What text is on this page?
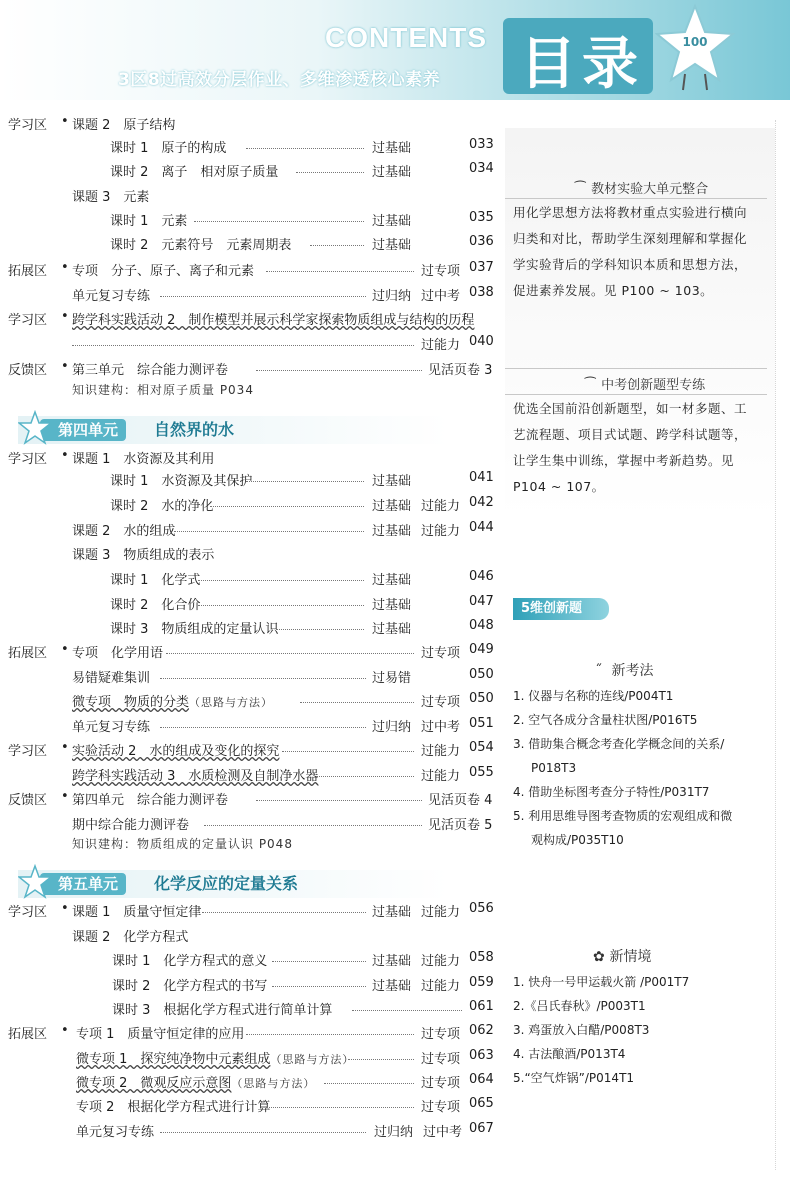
CONTENTS
3区8过高效分层作业、多维渗透核心素养 目录	100
学习区 • 课题 2　原子结构
课时 1　原子的构成	过基础	033
课时 2　离子　相对原子质量	过基础	034
课题 3　元素
课时 1　元素	过基础	035
课时 2　元素符号　元素周期表	过基础	036
拓展区 • 专项　分子、原子、离子和元素	过专项 037
单元复习专练	过归纳 过中考 038
学习区 • 跨学科实践活动 2　制作模型并展示科学家探索物质组成与结构的历程
过能力 040
反馈区 • 第三单元　综合能力测评卷	见活页卷 3
知识建构：相对原子质量 P034
第四单元	自然界的水
学习区 • 课题 1　水资源及其利用
课时 1　水资源及其保护	过基础	041
课时 2　水的净化	过基础 过能力 042
课题 2　水的组成	过基础 过能力 044
课题 3　物质组成的表示
课时 1　化学式	过基础	046
课时 2　化合价	过基础	047
课时 3　物质组成的定量认识	过基础	048
拓展区 • 专项　化学用语	过专项 049
易错疑难集训	过易错	050
微专项　物质的分类（思路与方法）	过专项 050
单元复习专练	过归纳 过中考 051
学习区 • 实验活动 2　水的组成及变化的探究	过能力 054
跨学科实践活动 3　水质检测及自制净水器	过能力 055
反馈区 • 第四单元　综合能力测评卷	见活页卷 4
期中综合能力测评卷	见活页卷 5
知识建构：物质组成的定量认识 P048
第五单元	化学反应的定量关系
学习区 • 课题 1　质量守恒定律	过基础 过能力 056
课题 2　化学方程式
课时 1　化学方程式的意义	过基础 过能力 058
课时 2　化学方程式的书写	过基础 过能力 059
课时 3　根据化学方程式进行简单计算	061
拓展区 • 专项 1　质量守恒定律的应用	过专项 062
微专项 1　探究纯净物中元素组成（思路与方法）	过专项 063
微专项 2　微观反应示意图（思路与方法）	过专项 064
专项 2　根据化学方程式进行计算	过专项 065
单元复习专练	过归纳 过中考 067
⁀ 教材实验大单元整合
用化学思想方法将教材重点实验进行横向归类和对比，帮助学生深刻理解和掌握化学实验背后的学科知识本质和思想方法，促进素养发展。见 P100 ~ 103。
⁀ 中考创新题型专练
优选全国前沿创新题型，如一材多题、工艺流程题、项目式试题、跨学科试题等，让学生集中训练，掌握中考新趋势。见 P104 ~ 107。
5维创新题
˝ 新考法
1. 仪器与名称的连线/P004T1
2. 空气各成分含量柱状图/P016T5
3. 借助集合概念考查化学概念间的关系/
P018T3
4. 借助坐标图考查分子特性/P031T7
5. 利用思维导图考查物质的宏观组成和微
观构成/P035T10
✿ 新情境
1. 快舟一号甲运载火箭 /P001T7
2.《吕氏春秋》/P003T1
3. 鸡蛋放入白醋/P008T3
4. 古法酿酒/P013T4
5.“空气炸锅”/P014T1
